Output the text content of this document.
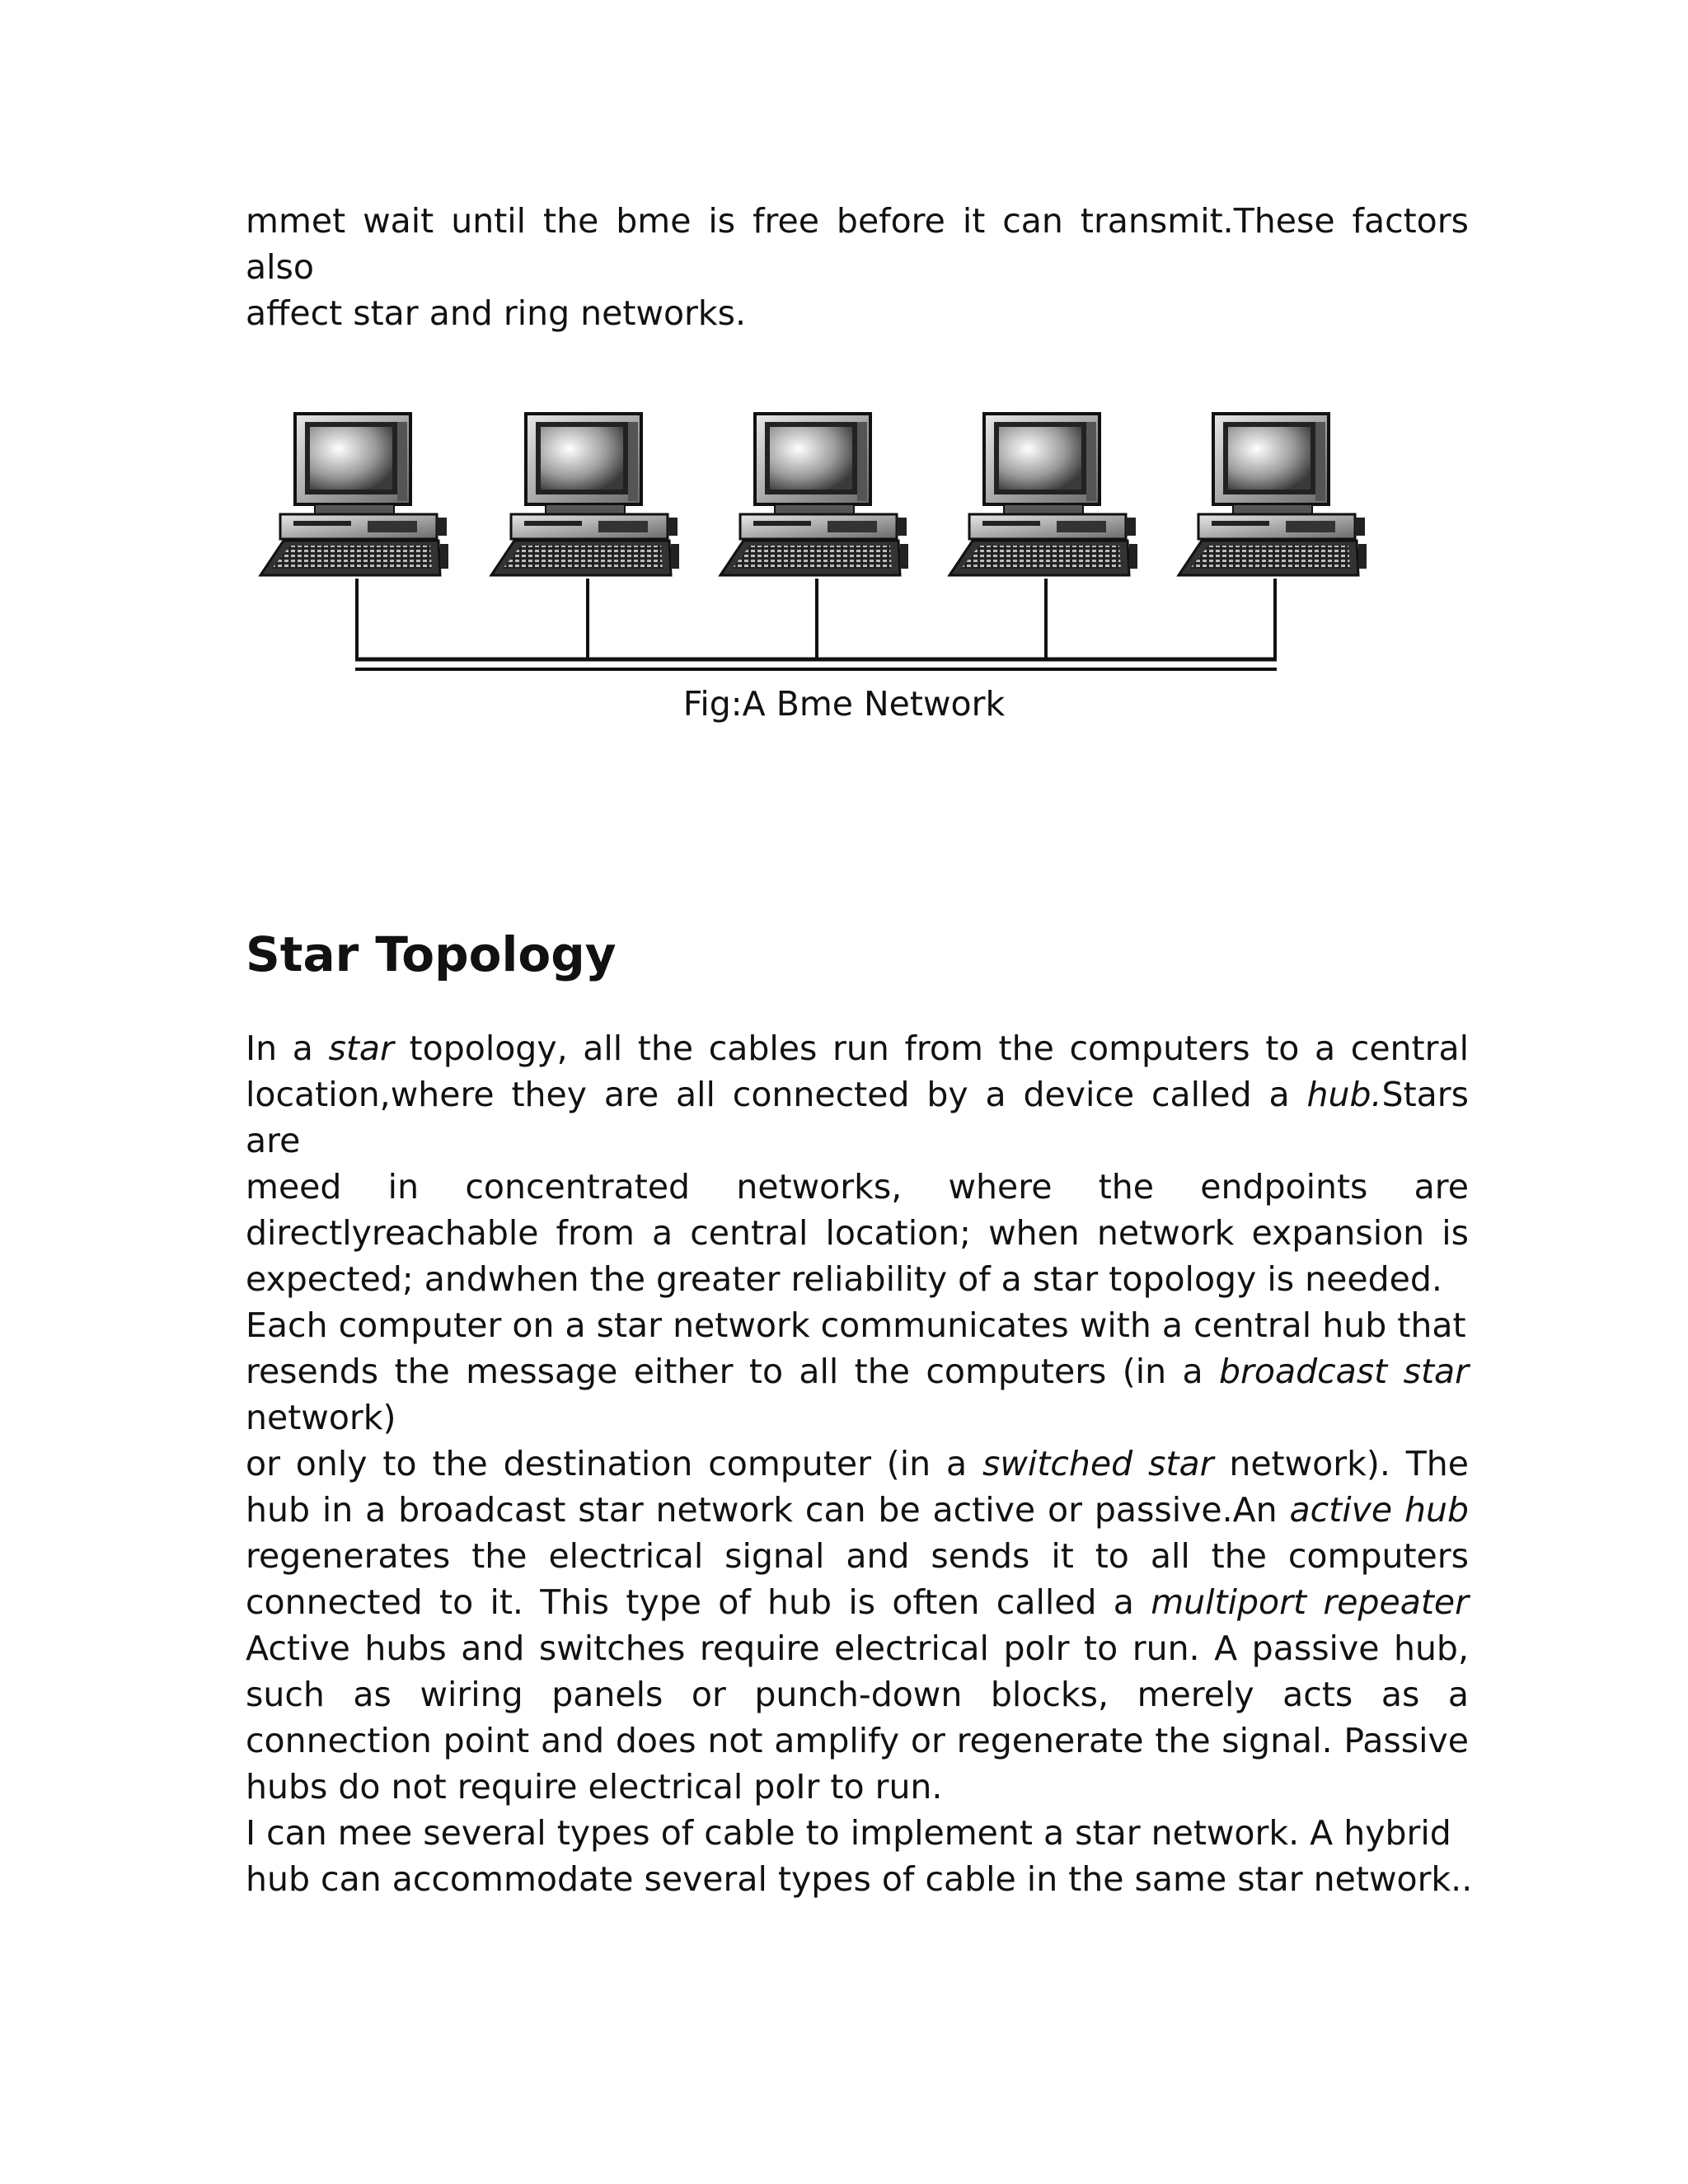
mmet wait until the bme is free before it can transmit.These factors also
affect star and ring networks.
Fig:A Bme Network
Star Topology
In a star topology, all the cables run from the computers to a central
location,where they are all connected by a device called a hub.Stars are
meed in concentrated networks, where the endpoints are
directlyreachable from a central location; when network expansion is
expected; andwhen the greater reliability of a star topology is needed.
Each computer on a star network communicates with a central hub that
resends the message either to all the computers (in a broadcast star
network)
or only to the destination computer (in a switched star network). The
hub in a broadcast star network can be active or passive.An active hub
regenerates the electrical signal and sends it to all the computers
connected to it. This type of hub is often called a multiport repeater
Active hubs and switches require electrical poIr to run. A passive hub,
such as wiring panels or punch-down blocks, merely acts as a
connection point and does not amplify or regenerate the signal. Passive
hubs do not require electrical poIr to run.
I can mee several types of cable to implement a star network. A hybrid
hub can accommodate several types of cable in the same star network..
